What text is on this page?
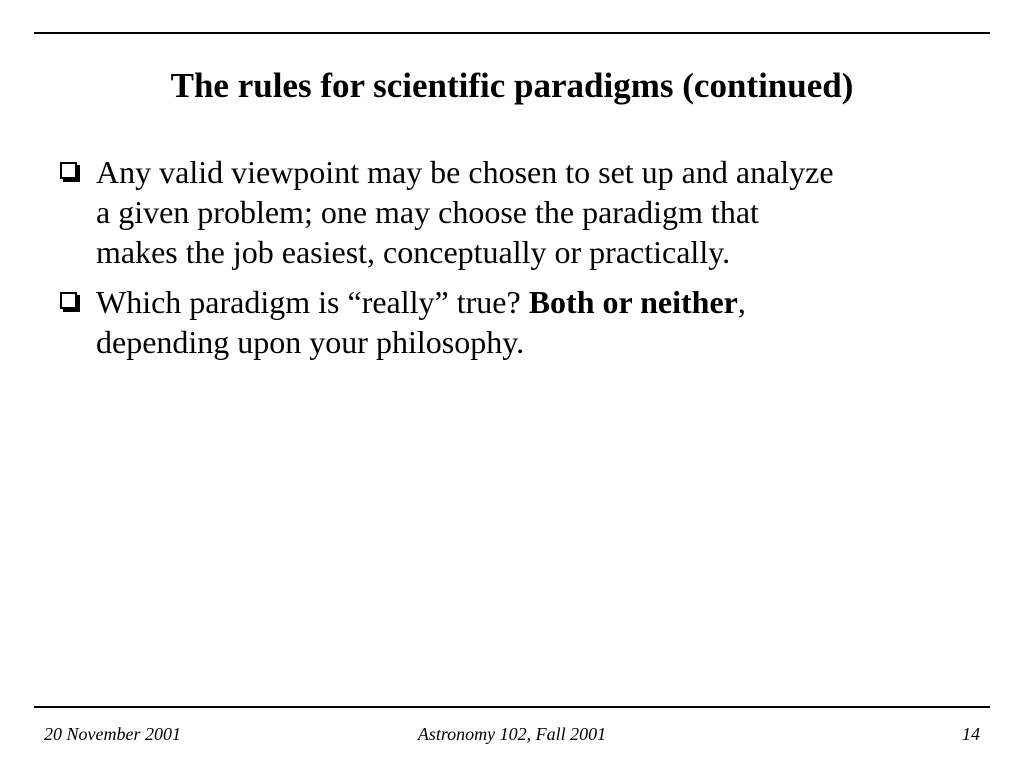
The rules for scientific paradigms (continued)
Any valid viewpoint may be chosen to set up and analyze
a given problem; one may choose the paradigm that
makes the job easiest, conceptually or practically.
Which paradigm is “really” true? Both or neither,
depending upon your philosophy.
20 November 2001	Astronomy 102, Fall 2001	14
